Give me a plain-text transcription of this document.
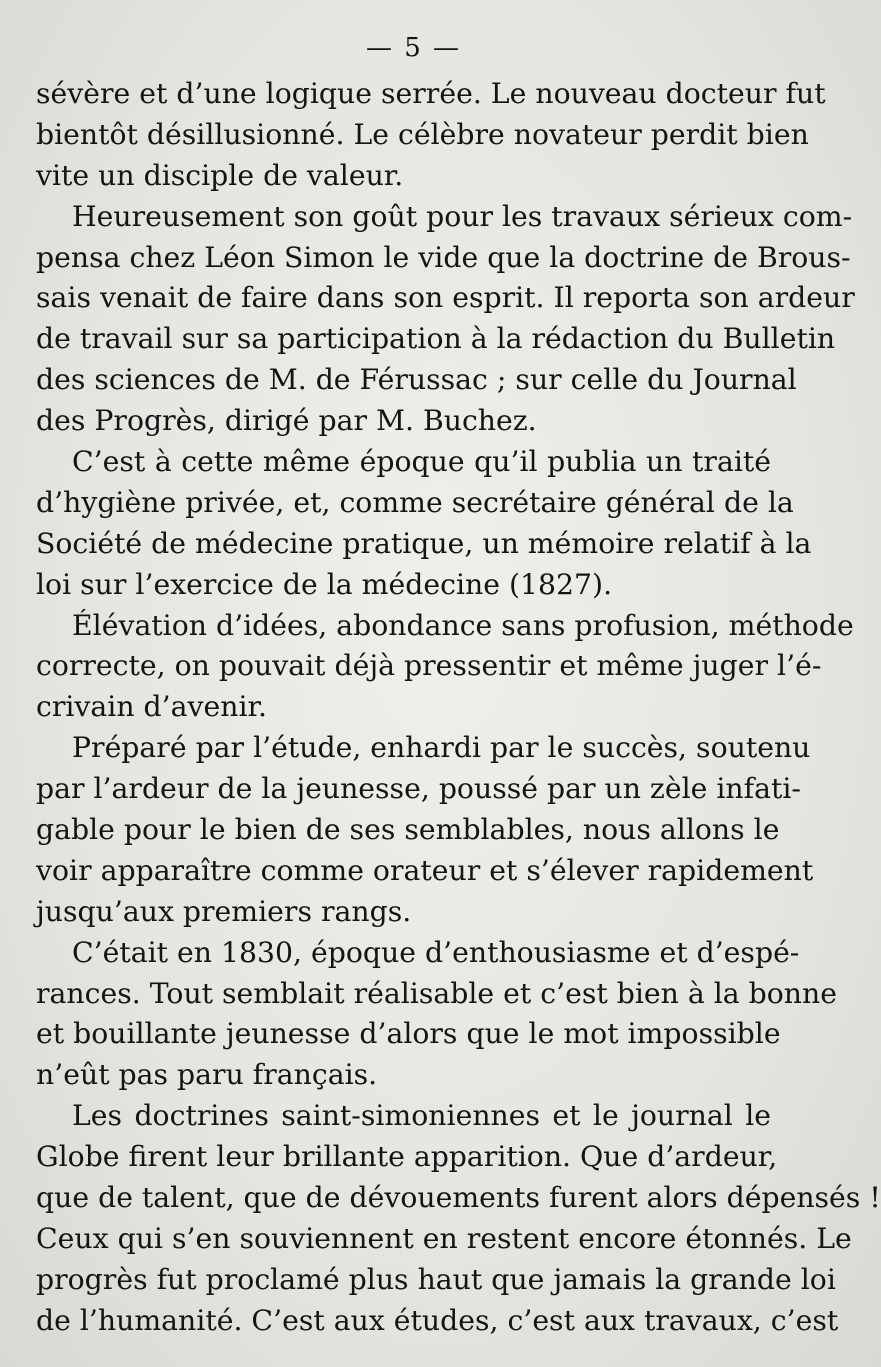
— 5 —
sévère et d’une logique serrée. Le nouveau docteur fut
bientôt désillusionné. Le célèbre novateur perdit bien
vite un disciple de valeur.
Heureusement son goût pour les travaux sérieux com-
pensa chez Léon Simon le vide que la doctrine de Brous-
sais venait de faire dans son esprit. Il reporta son ardeur
de travail sur sa participation à la rédaction du Bulletin
des sciences de M. de Férussac ; sur celle du Journal
des Progrès, dirigé par M. Buchez.
C’est à cette même époque qu’il publia un traité
d’hygiène privée, et, comme secrétaire général de la
Société de médecine pratique, un mémoire relatif à la
loi sur l’exercice de la médecine (1827).
Élévation d’idées, abondance sans profusion, méthode
correcte, on pouvait déjà pressentir et même juger l’é-
crivain d’avenir.
Préparé par l’étude, enhardi par le succès, soutenu
par l’ardeur de la jeunesse, poussé par un zèle infati-
gable pour le bien de ses semblables, nous allons le
voir apparaître comme orateur et s’élever rapidement
jusqu’aux premiers rangs.
C’était en 1830, époque d’enthousiasme et d’espé-
rances. Tout semblait réalisable et c’est bien à la bonne
et bouillante jeunesse d’alors que le mot impossible
n’eût pas paru français.
Les doctrines saint-simoniennes et le journal le
Globe firent leur brillante apparition. Que d’ardeur,
que de talent, que de dévouements furent alors dépensés !
Ceux qui s’en souviennent en restent encore étonnés. Le
progrès fut proclamé plus haut que jamais la grande loi
de l’humanité. C’est aux études, c’est aux travaux, c’est
